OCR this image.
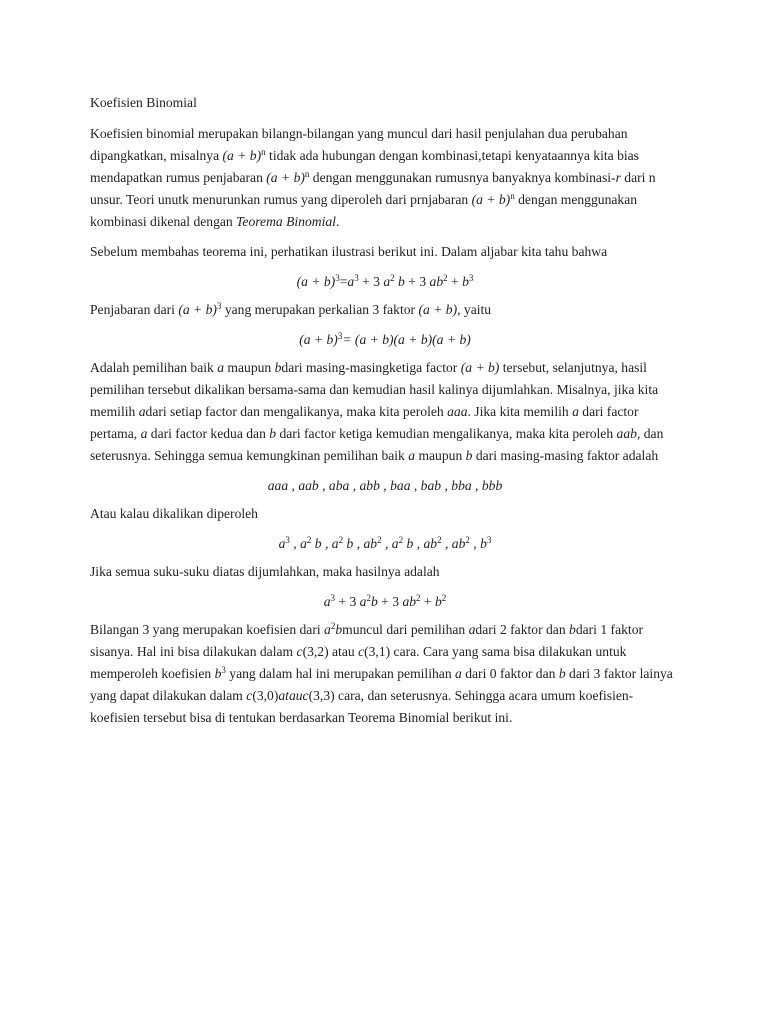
Koefisien Binomial

Koefisien binomial merupakan bilangn-bilangan yang muncul dari hasil penjulahan dua perubahan dipangkatkan, misalnya $(a + b)^n$ tidak ada hubungan dengan kombinasi,tetapi kenyataannya kita bias mendapatkan rumus penjabaran $(a + b)^n$ dengan menggunakan rumusnya banyaknya kombinasi-r dari n unsur. Teori unutk menurunkan rumus yang diperoleh dari prnjabaran $(a + b)^n$ dengan menggunakan kombinasi dikenal dengan Teorema Binomial.

Sebelum membahas teorema ini, perhatikan ilustrasi berikut ini. Dalam aljabar kita tahu bahwa

$(a + b)^3=a^3 + 3$ $a^2$ b + 3 $ab^2 + b^3$

Penjabaran dari $(a + b)^3$ yang merupakan perkalian 3 faktor (a + b), yaitu

$(a + b)^3= (a + b)(a + b)(a + b)$

Adalah pemilihan baik a maupun bdari masing-masingketiga factor (a + b) tersebut, selanjutnya, hasil pemilihan tersebut dikalikan bersama-sama dan kemudian hasil kalinya dijumlahkan. Misalnya, jika kita memilih adari setiap factor dan mengalikanya, maka kita peroleh aaa. Jika kita memilih a dari factor pertama, a dari factor kedua dan b dari factor ketiga kemudian mengalikanya, maka kita peroleh aab, dan seterusnya. Sehingga semua kemungkinan pemilihan baik a maupun b dari masing-masing faktor adalah

aaa , aab , aba , abb , baa , bab , bba , bbb

Atau kalau dikalikan diperoleh

$a^3$ , $a^2$ b , $a^2$ b , $ab^2$ , $a^2$ b , $ab^2$ , $ab^2$ , $b^3$

Jika semua suku-suku diatas dijumlahkan, maka hasilnya adalah

$a^3 + 3$ $a^2b + 3$ $ab^2 + b^2$

Bilangan 3 yang merupakan koefisien dari $a^2bmuncul$ dari pemilihan adari 2 faktor dan bdari 1 faktor sisanya. Hal ini bisa dilakukan dalam c(3,2) atau c(3,1) cara. Cara yang sama bisa dilakukan untuk memperoleh koefisien $b^3$ yang dalam hal ini merupakan pemilihan a dari 0 faktor dan b dari 3 faktor lainya yang dapat dilakukan dalam c(3,0)atauc(3,3) cara, dan seterusnya. Sehingga acara umum koefisien-koefisien tersebut bisa di tentukan berdasarkan Teorema Binomial berikut ini.
